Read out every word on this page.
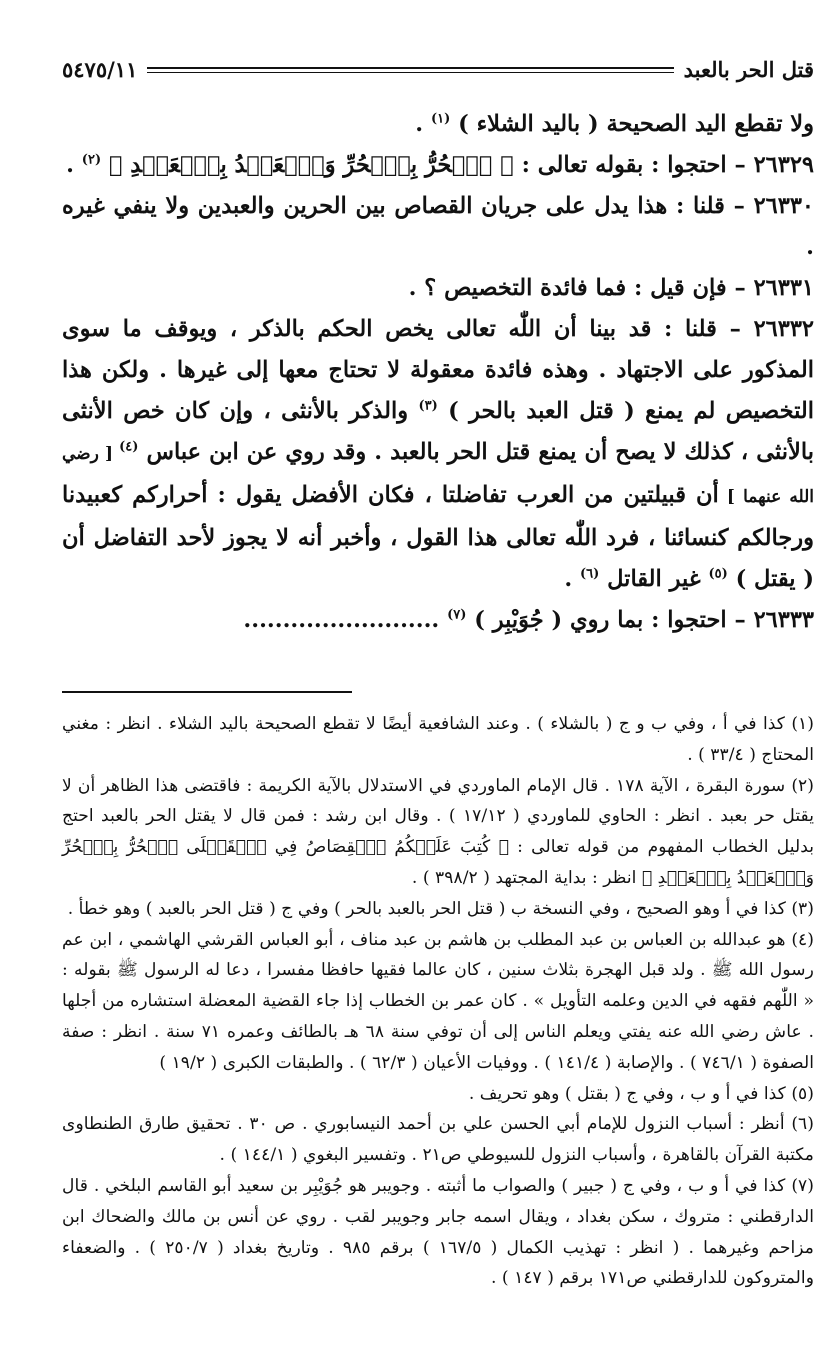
قتل الحر بالعبد
٥٤٧٥/١١

ولا تقطع اليد الصحيحة ( باليد الشلاء ) $^{(١)}$ .

٢٦٣٢٩ – احتجوا : بقوله تعالى : ﴿ ٱلۡحُرُّ بِٱلۡحُرِّ وَٱلۡعَبۡدُ بِٱلۡعَبۡدِ ﴾ $^{(٢)}$ .

٢٦٣٣٠ – قلنا : هذا يدل على جريان القصاص بين الحرين والعبدين ولا ينفي غيره .

٢٦٣٣١ – فإن قيل : فما فائدة التخصيص ؟ .

٢٦٣٣٢ – قلنا : قد بينا أن اللّٰه تعالى يخص الحكم بالذكر ، ويوقف ما سوى المذكور على الاجتهاد . وهذه فائدة معقولة لا تحتاج معها إلى غيرها . ولكن هذا التخصيص لم يمنع ( قتل العبد بالحر ) $^{(٣)}$ والذكر بالأنثى ، وإن كان خص الأنثى بالأنثى ، كذلك لا يصح أن يمنع قتل الحر بالعبد . وقد روي عن ابن عباس $^{(٤)}$ [ رضي الله عنهما ] أن قبيلتين من العرب تفاضلتا ، فكان الأفضل يقول : أحراركم كعبيدنا ورجالكم كنسائنا ، فرد اللّٰه تعالى هذا القول ، وأخبر أنه لا يجوز لأحد التفاضل أن ( يقتل ) $^{(٥)}$ غير القاتل $^{(٦)}$ .

٢٦٣٣٣ – احتجوا : بما روي ( جُوَيْبِر ) $^{(٧)}$ .........................

(١) كذا في أ ، وفي ب و ج ( بالشلاء ) . وعند الشافعية أيضًا لا تقطع الصحيحة باليد الشلاء . انظر : مغني المحتاج ( ٣٣/٤ ) .

(٢) سورة البقرة ، الآية ١٧٨ . قال الإمام الماوردي في الاستدلال بالآية الكريمة : فاقتضى هذا الظاهر أن لا يقتل حر بعبد . انظر : الحاوي للماوردي ( ١٧/١٢ ) . وقال ابن رشد : فمن قال لا يقتل الحر بالعبد احتج بدليل الخطاب المفهوم من قوله تعالى : ﴿ كُتِبَ عَلَيۡكُمُ ٱلۡقِصَاصُ فِي ٱلۡقَتۡلَى ٱلۡحُرُّ بِٱلۡحُرِّ وَٱلۡعَبۡدُ بِٱلۡعَبۡدِ ﴾ انظر : بداية المجتهد ( ٣٩٨/٢ ) .

(٣) كذا في أ وهو الصحيح ، وفي النسخة ب ( قتل الحر بالعبد بالحر ) وفي ج ( قتل الحر بالعبد ) وهو خطأ .

(٤) هو عبدالله بن العباس بن عبد المطلب بن هاشم بن عبد مناف ، أبو العباس القرشي الهاشمي ، ابن عم رسول الله ﷺ . ولد قبل الهجرة بثلاث سنين ، كان عالما فقيها حافظا مفسرا ، دعا له الرسول ﷺ بقوله : « اللّٰهم فقهه في الدين وعلمه التأويل » . كان عمر بن الخطاب إذا جاء القضية المعضلة استشاره من أجلها . عاش رضي الله عنه يفتي ويعلم الناس إلى أن توفي سنة ٦٨ هـ بالطائف وعمره ٧١ سنة . انظر : صفة الصفوة ( ٧٤٦/١ ) . والإصابة ( ١٤١/٤ ) . ووفيات الأعيان ( ٦٢/٣ ) . والطبقات الكبرى ( ١٩/٢ )

(٥) كذا في أ و ب ، وفي ج ( بقتل ) وهو تحريف .

(٦) أنظر : أسباب النزول للإمام أبي الحسن علي بن أحمد النيسابوري . ص ٣٠ . تحقيق طارق الطنطاوى مكتبة القرآن بالقاهرة ، وأسباب النزول للسيوطي ص٢١ . وتفسير البغوي ( ١٤٤/١ ) .

(٧) كذا في أ و ب ، وفي ج ( جبير ) والصواب ما أثبته . وجويبر هو جُوَيْبِر بن سعيد أبو القاسم البلخي . قال الدارقطني : متروك ، سكن بغداد ، ويقال اسمه جابر وجويبر لقب . روي عن أنس بن مالك والضحاك ابن مزاحم وغيرهما . ( انظر : تهذيب الكمال ( ١٦٧/٥ ) برقم ٩٨٥ . وتاريخ بغداد ( ٢٥٠/٧ ) . والضعفاء والمتروكون للدارقطني ص١٧١ برقم ( ١٤٧ ) .
